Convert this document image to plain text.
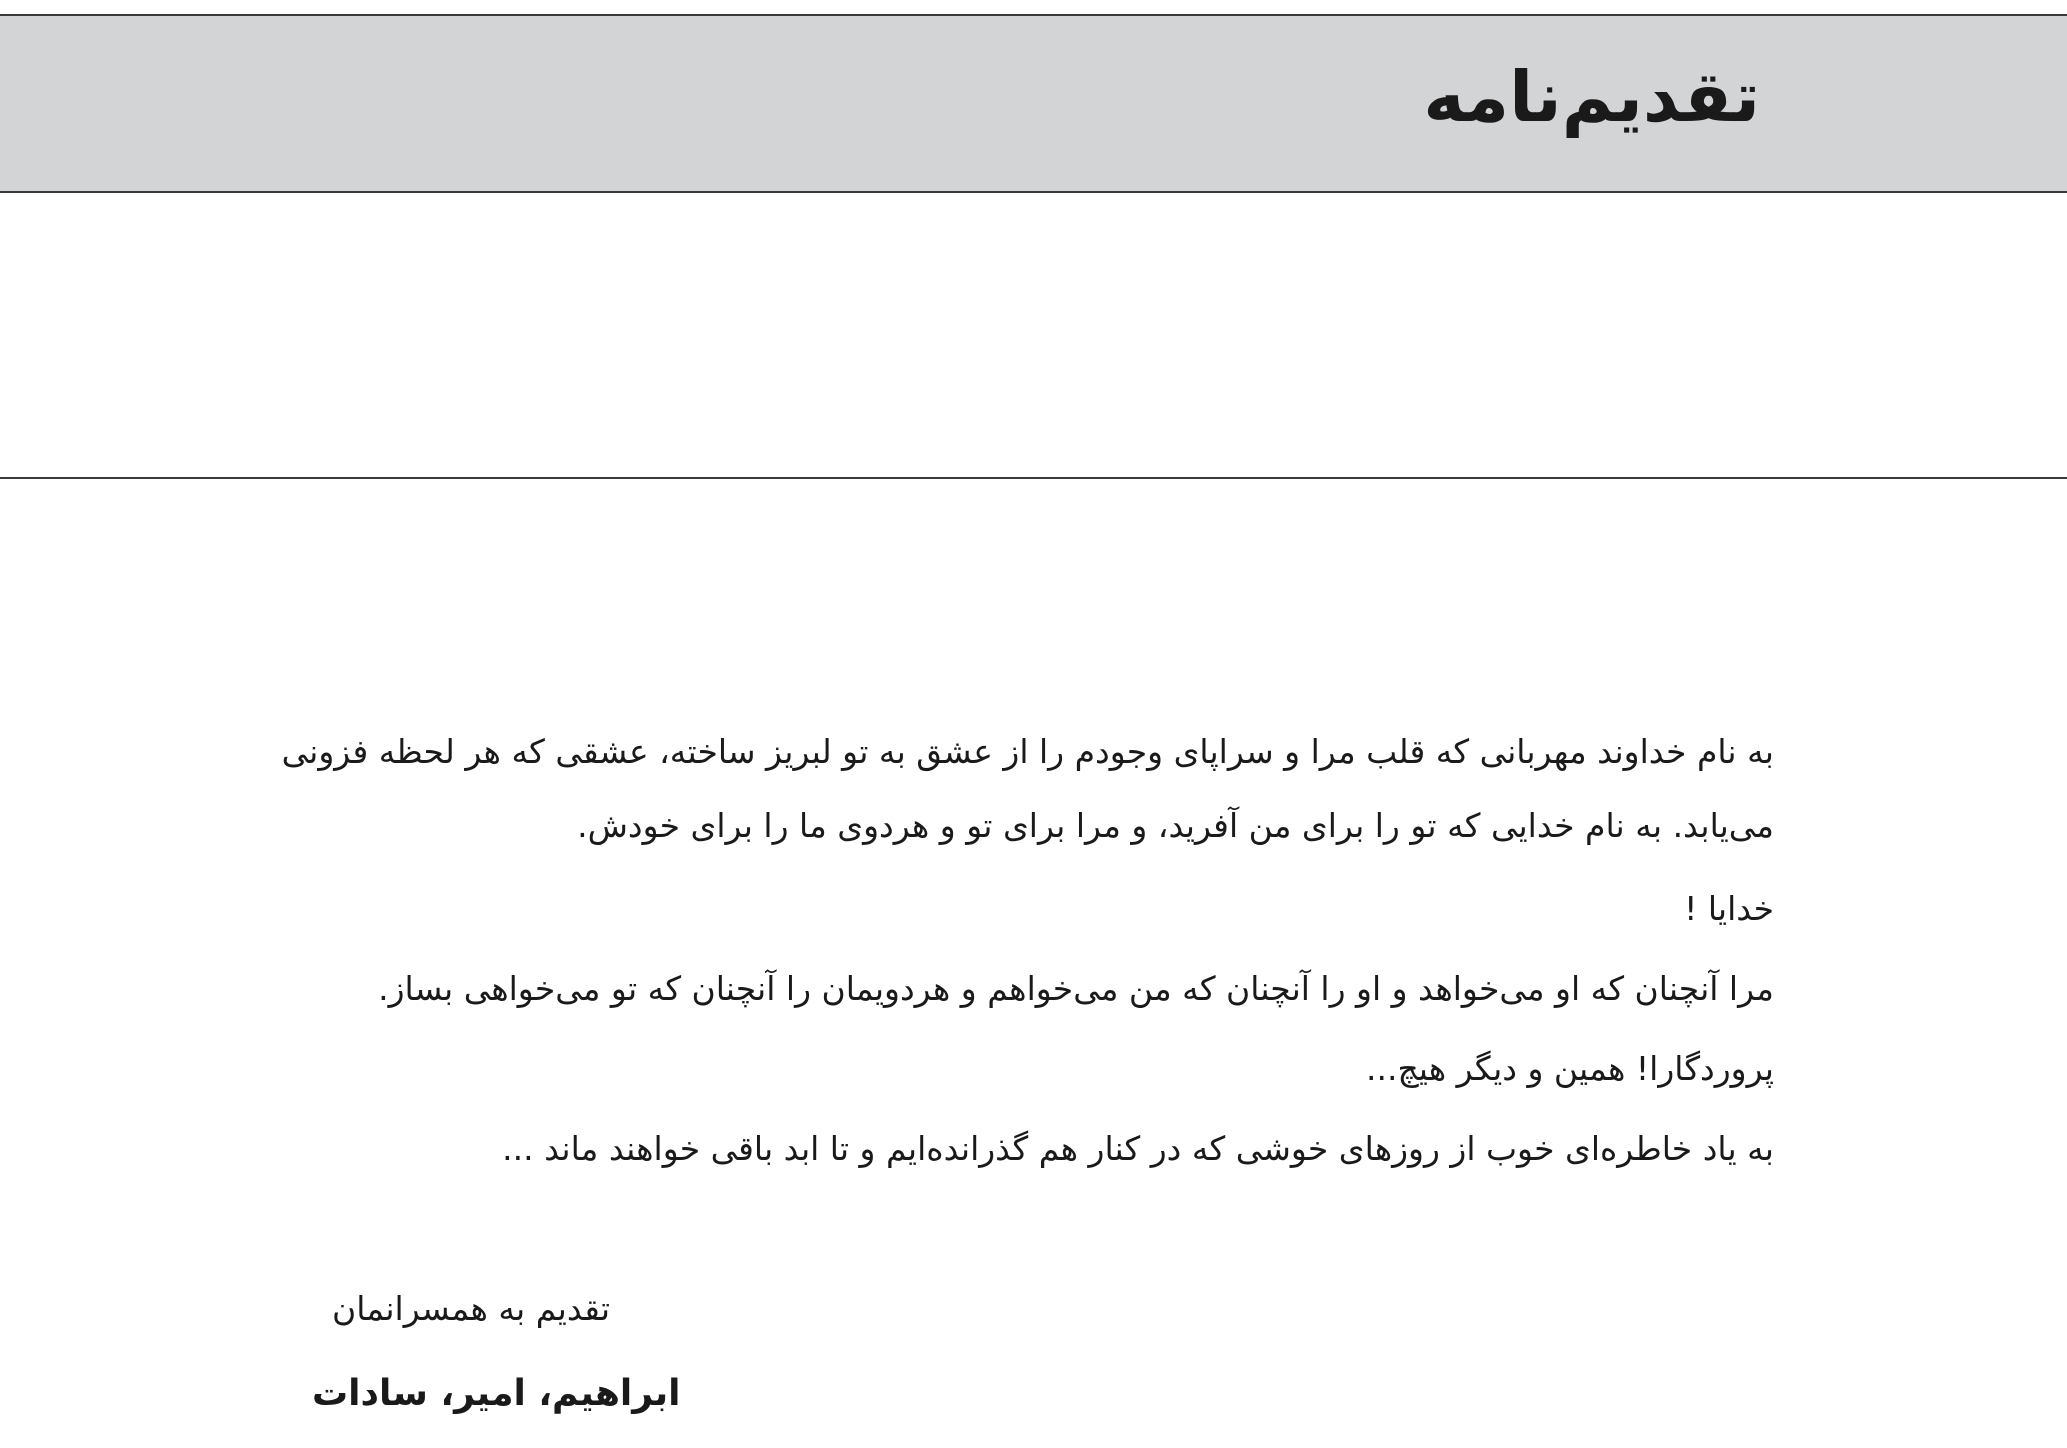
تقدیم‌نامه
به نام خداوند مهربانی که قلب مرا و سراپای وجودم را از عشق به تو لبریز ساخته، عشقی که هر لحظه فزونی
می‌یابد. به نام خدایی که تو را برای من آفرید، و مرا برای تو و هردوی ما را برای خودش.
خدایا !
مرا آنچنان که او می‌خواهد و او را آنچنان که من می‌خواهم و هردویمان را آنچنان که تو می‌خواهی بساز.
پروردگارا! همین و دیگر هیچ...
به یاد خاطره‌ای خوب از روزهای خوشی که در کنار هم گذرانده‌ایم و تا ابد باقی خواهند ماند ...
تقدیم به همسرانمان
ابراهیم، امیر، سادات
